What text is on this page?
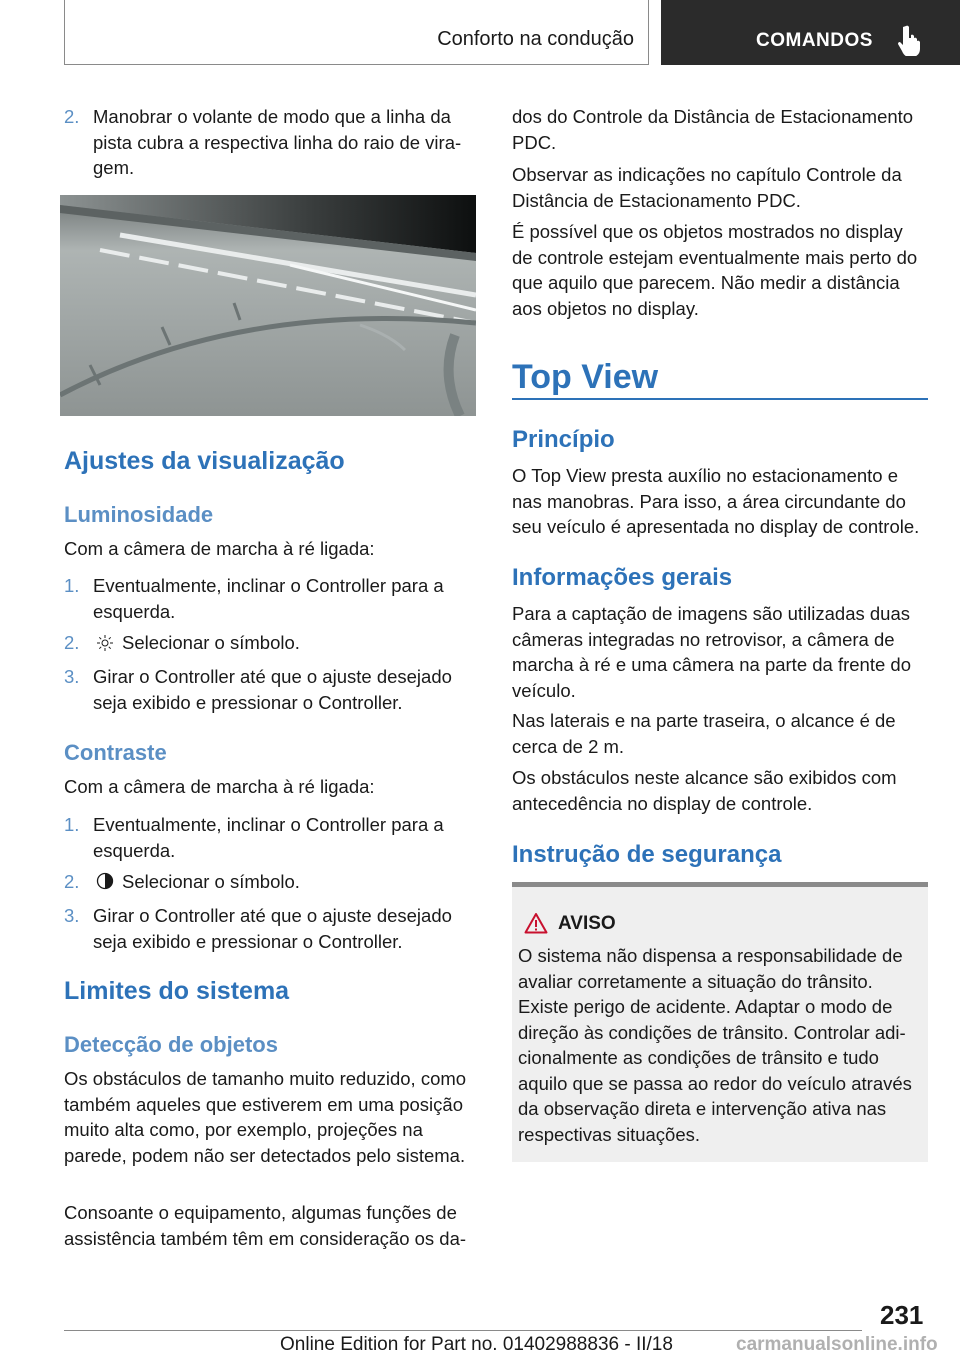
Conforto na condução	COMANDOS
2. Manobrar o volante de modo que a linha da pista cubra a respectiva linha do raio de viragem.

Ajustes da visualização
Luminosidade

Com a câmera de marcha à ré ligada:

1. Eventualmente, inclinar o Controller para a esquerda.

2. Selecionar o símbolo.

3. Girar o Controller até que o ajuste desejado seja exibido e pressionar o Controller.

Contraste

Com a câmera de marcha à ré ligada:

1. Eventualmente, inclinar o Controller para a esquerda.

2. Selecionar o símbolo.

3. Girar o Controller até que o ajuste desejado seja exibido e pressionar o Controller.

Limites do sistema
Detecção de objetos

Os obstáculos de tamanho muito reduzido, como também aqueles que estiverem em uma posição muito alta como, por exemplo, projeções na parede, podem não ser detectados pelo sistema.

Consoante o equipamento, algumas funções de assistência também têm em consideração os da-

dos do Controle da Distância de Estacionamento PDC.

Observar as indicações no capítulo Controle da Distância de Estacionamento PDC.

É possível que os objetos mostrados no display de controle estejam eventualmente mais perto do que aquilo que parecem. Não medir a distância aos objetos no display.

Top View
Princípio

O Top View presta auxílio no estacionamento e nas manobras. Para isso, a área circundante do seu veículo é apresentada no display de controle.

Informações gerais

Para a captação de imagens são utilizadas duas câmeras integradas no retrovisor, a câmera de marcha à ré e uma câmera na parte da frente do veículo.

Nas laterais e na parte traseira, o alcance é de cerca de 2 m.

Os obstáculos neste alcance são exibidos com antecedência no display de controle.

Instrução de segurança
AVISO

O sistema não dispensa a responsabilidade de avaliar corretamente a situação do trânsito. Existe perigo de acidente. Adaptar o modo de direção às condições de trânsito. Controlar adicionalmente as condições de trânsito e tudo aquilo que se passa ao redor do veículo através da observação direta e intervenção ativa nas respectivas situações.

231
Online Edition for Part no. 01402988836 - II/18	carmanualsonline.info
